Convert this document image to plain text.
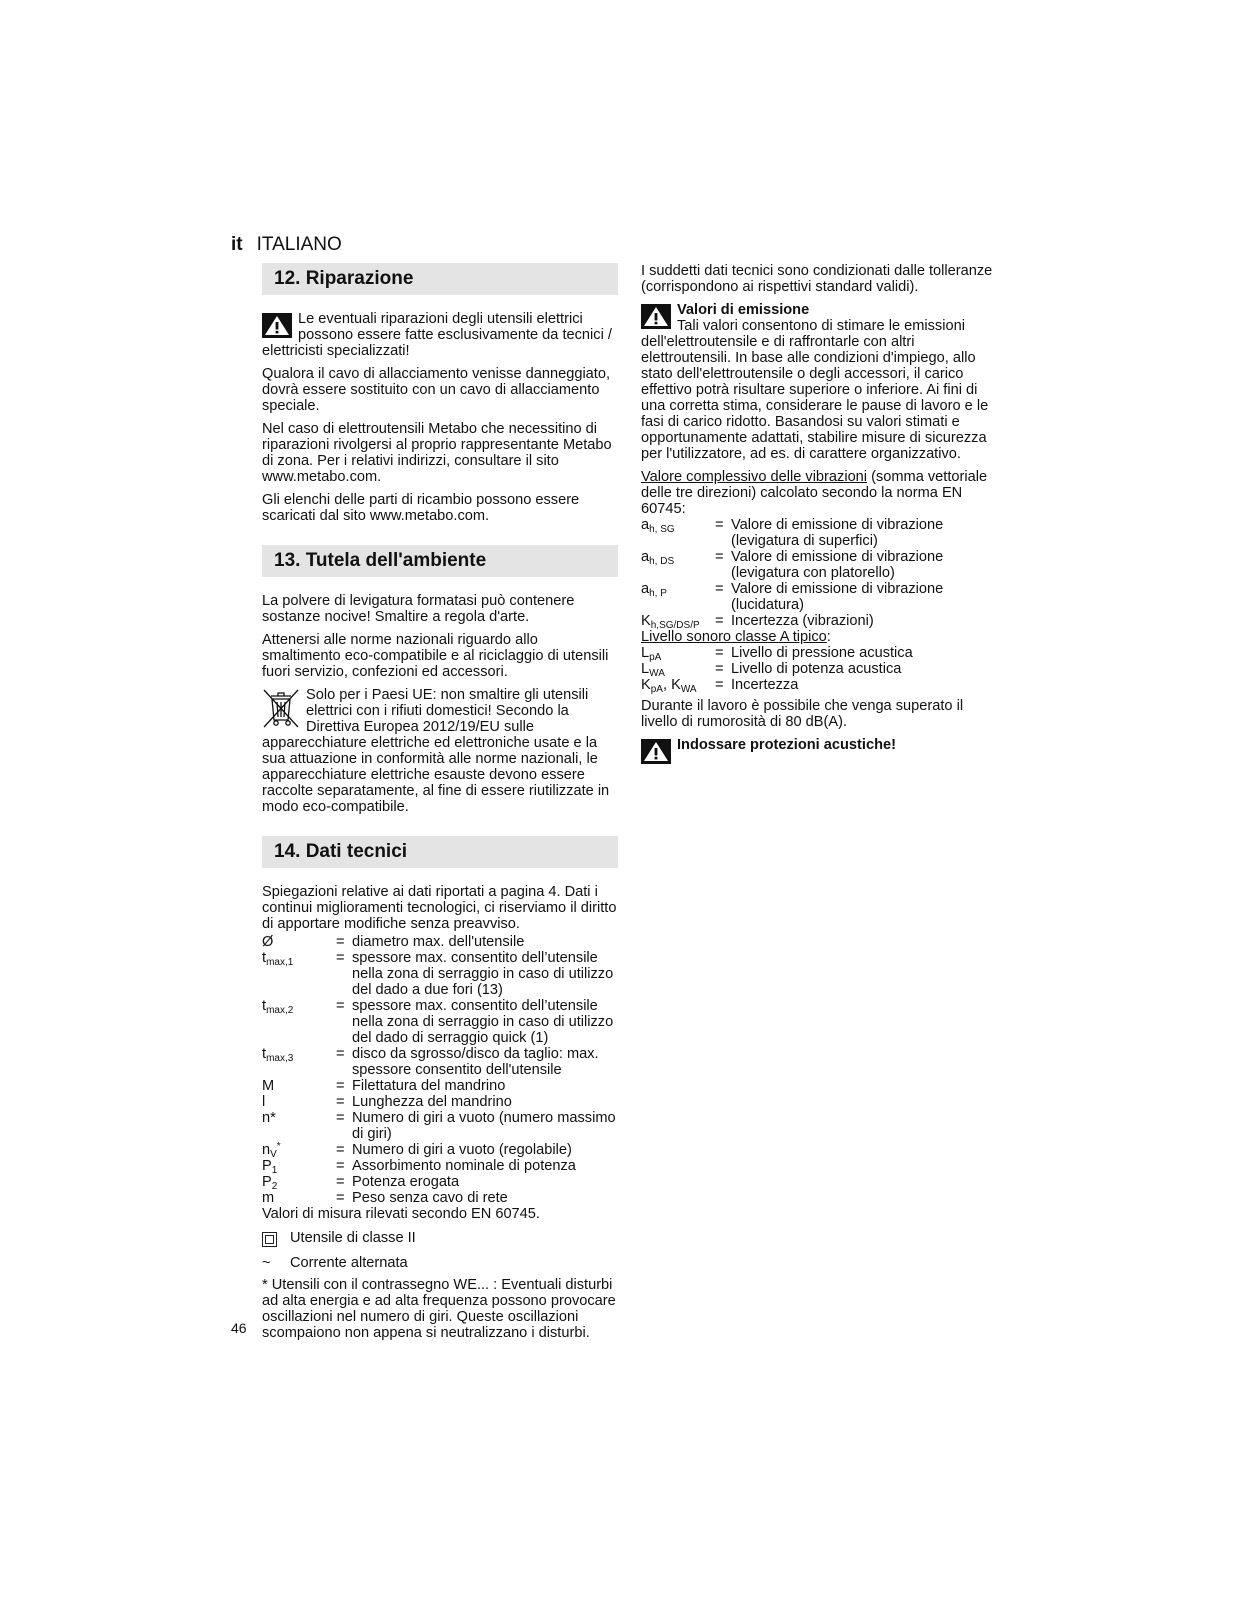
it ITALIANO
12. Riparazione
Le eventuali riparazioni degli utensili elettrici possono essere fatte esclusivamente da tecnici / elettricisti specializzati!

Qualora il cavo di allacciamento venisse danneggiato, dovrà essere sostituito con un cavo di allacciamento speciale.

Nel caso di elettroutensili Metabo che necessitino di riparazioni rivolgersi al proprio rappresentante Metabo di zona. Per i relativi indirizzi, consultare il sito www.metabo.com.

Gli elenchi delle parti di ricambio possono essere scaricati dal sito www.metabo.com.

13. Tutela dell'ambiente

La polvere di levigatura formatasi può contenere sostanze nocive! Smaltire a regola d'arte.

Attenersi alle norme nazionali riguardo allo smaltimento eco-compatibile e al riciclaggio di utensili fuori servizio, confezioni ed accessori.

Solo per i Paesi UE: non smaltire gli utensili elettrici con i rifiuti domestici! Secondo la Direttiva Europea 2012/19/EU sulle apparecchiature elettriche ed elettroniche usate e la sua attuazione in conformità alle norme nazionali, le apparecchiature elettriche esauste devono essere raccolte separatamente, al fine di essere riutilizzate in modo eco-compatibile.
14. Dati tecnici

Spiegazioni relative ai dati riportati a pagina 4. Dati i continui miglioramenti tecnologici, ci riserviamo il diritto di apportare modifiche senza preavviso.

Ø	= diametro max. dell'utensile
$t_{max,1}$	= spessore max. consentito dell’utensile nella zona di serraggio in caso di utilizzo del dado a due fori (13)
$t_{max,2}$	= spessore max. consentito dell’utensile nella zona di serraggio in caso di utilizzo del dado di serraggio quick (1)
$t_{max,3}$	= disco da sgrosso/disco da taglio: max. spessore consentito dell'utensile
M	= Filettatura del mandrino
l	= Lunghezza del mandrino
n*	= Numero di giri a vuoto (numero massimo di giri)
$n_V^*$	= Numero di giri a vuoto (regolabile)
$P_1$	= Assorbimento nominale di potenza
$P_2$	= Potenza erogata
m	= Peso senza cavo di rete

Valori di misura rilevati secondo EN 60745.

Utensile di classe II
~	Corrente alternata

* Utensili con il contrassegno WE... : Eventuali disturbi ad alta energia e ad alta frequenza possono provocare oscillazioni nel numero di giri. Queste oscillazioni scompaiono non appena si neutralizzano i disturbi.

I suddetti dati tecnici sono condizionati dalle tolleranze (corrispondono ai rispettivi standard validi).

Valori di emissione
Tali valori consentono di stimare le emissioni dell'elettroutensile e di raffrontarle con altri elettroutensili. In base alle condizioni d'impiego, allo stato dell'elettroutensile o degli accessori, il carico effettivo potrà risultare superiore o inferiore. Ai fini di una corretta stima, considerare le pause di lavoro e le fasi di carico ridotto. Basandosi su valori stimati e opportunamente adattati, stabilire misure di sicurezza per l'utilizzatore, ad es. di carattere organizzativo.

Valore complessivo delle vibrazioni (somma vettoriale delle tre direzioni) calcolato secondo la norma EN 60745:

$a_{h, SG}$	= Valore di emissione di vibrazione (levigatura di superfici)
$a_{h, DS}$	= Valore di emissione di vibrazione (levigatura con platorello)
$a_{h, P}$	= Valore di emissione di vibrazione (lucidatura)
$K_{h,SG/DS/P}$	= Incertezza (vibrazioni)

Livello sonoro classe A tipico:

$L_{pA}$	= Livello di pressione acustica
$L_{WA}$	= Livello di potenza acustica
$K_{pA}$, $K_{WA}$	= Incertezza

Durante il lavoro è possibile che venga superato il livello di rumorosità di 80 dB(A).

Indossare protezioni acustiche!
46
